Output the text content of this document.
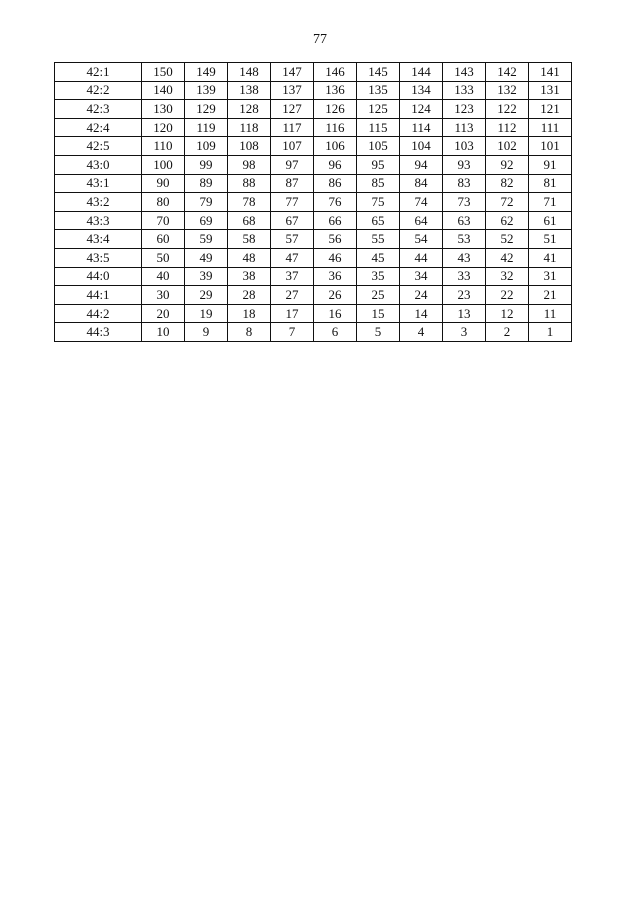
77
42:1	150	149	148	147	146	145	144	143	142	141
42:2	140	139	138	137	136	135	134	133	132	131
42:3	130	129	128	127	126	125	124	123	122	121
42:4	120	119	118	117	116	115	114	113	112	111
42:5	110	109	108	107	106	105	104	103	102	101
43:0	100	99	98	97	96	95	94	93	92	91
43:1	90	89	88	87	86	85	84	83	82	81
43:2	80	79	78	77	76	75	74	73	72	71
43:3	70	69	68	67	66	65	64	63	62	61
43:4	60	59	58	57	56	55	54	53	52	51
43:5	50	49	48	47	46	45	44	43	42	41
44:0	40	39	38	37	36	35	34	33	32	31
44:1	30	29	28	27	26	25	24	23	22	21
44:2	20	19	18	17	16	15	14	13	12	11
44:3	10	9	8	7	6	5	4	3	2	1
